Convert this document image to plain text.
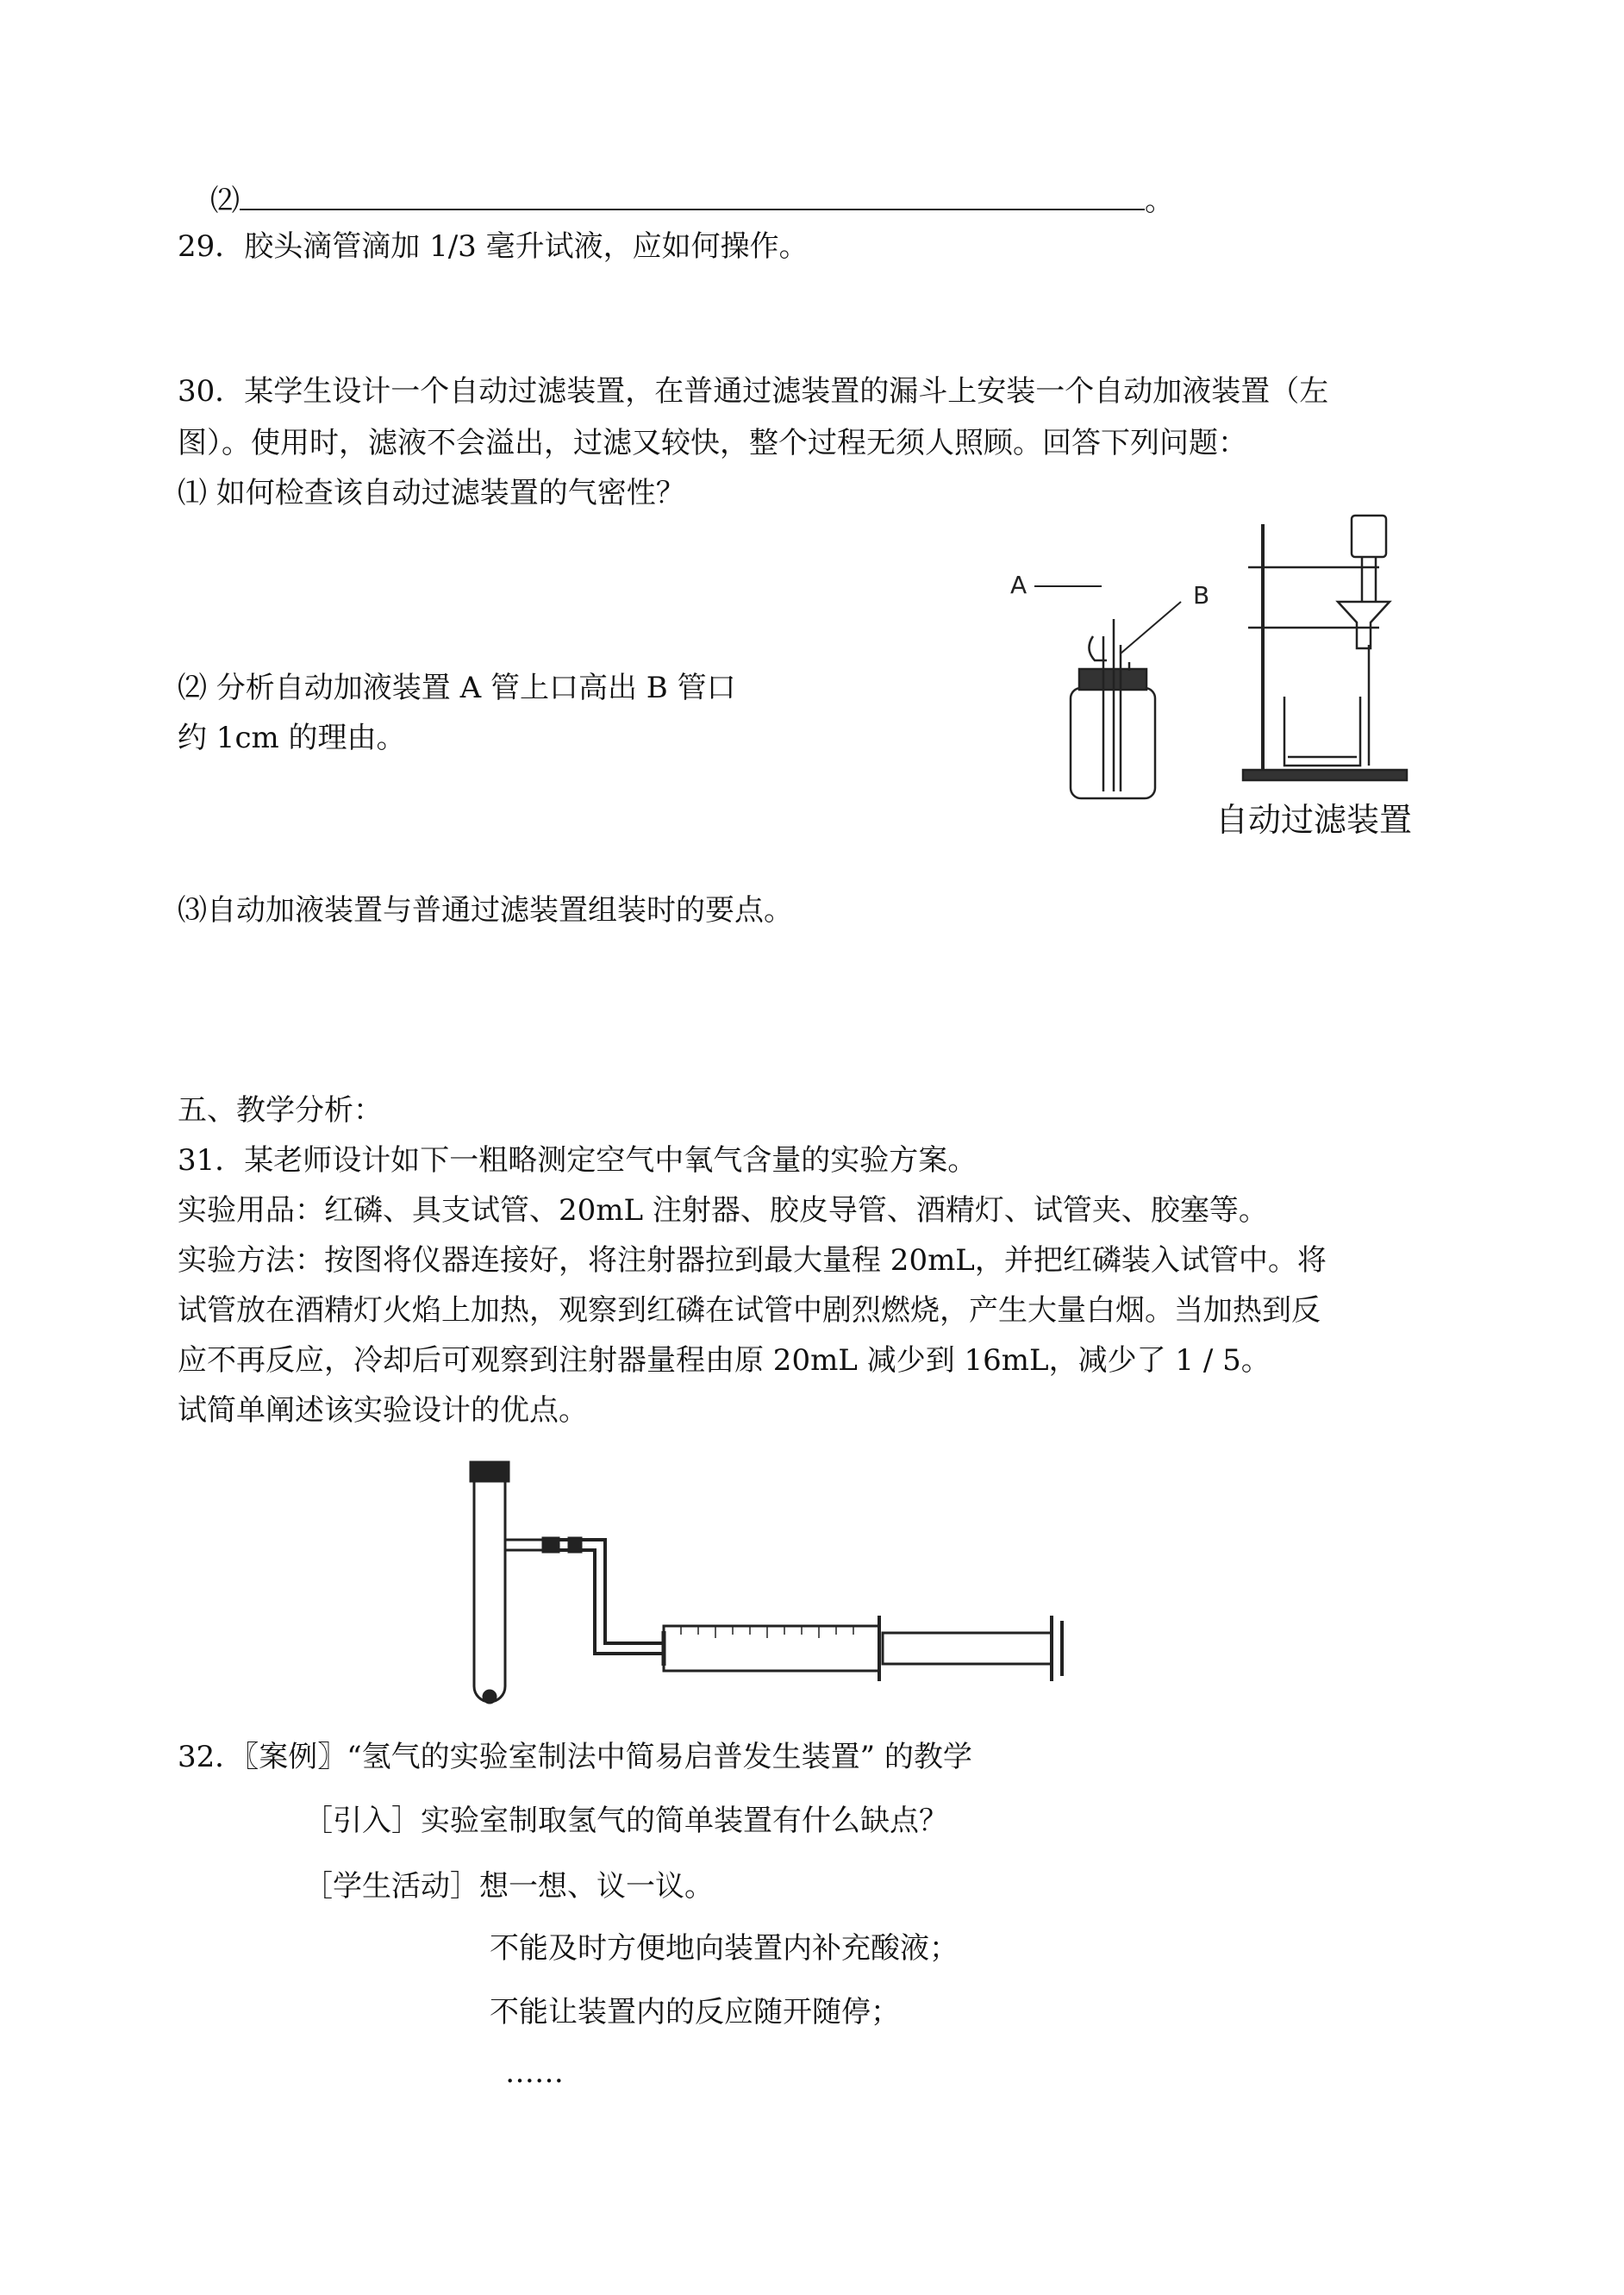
⑵	。
29．胶头滴管滴加 1/3 毫升试液，应如何操作。
30．某学生设计一个自动过滤装置，在普通过滤装置的漏斗上安装一个自动加液装置（左
图）。使用时，滤液不会溢出，过滤又较快，整个过程无须人照顾。回答下列问题：
⑴ 如何检查该自动过滤装置的气密性？
⑵ 分析自动加液装置 A 管上口高出 B 管口
约 1cm 的理由。
A	B
自动过滤装置
⑶自动加液装置与普通过滤装置组装时的要点。
五、教学分析：
31．某老师设计如下一粗略测定空气中氧气含量的实验方案。
实验用品：红磷、具支试管、20mL 注射器、胶皮导管、酒精灯、试管夹、胶塞等。
实验方法：按图将仪器连接好，将注射器拉到最大量程 20mL，并把红磷装入试管中。将
试管放在酒精灯火焰上加热，观察到红磷在试管中剧烈燃烧，产生大量白烟。当加热到反
应不再反应，冷却后可观察到注射器量程由原 20mL 减少到 16mL，减少了 1 / 5。
试简单阐述该实验设计的优点。
32．〖案例〗“氢气的实验室制法中简易启普发生装置” 的教学
［引入］实验室制取氢气的简单装置有什么缺点？
［学生活动］想一想、议一议。
不能及时方便地向装置内补充酸液；
不能让装置内的反应随开随停；
……
